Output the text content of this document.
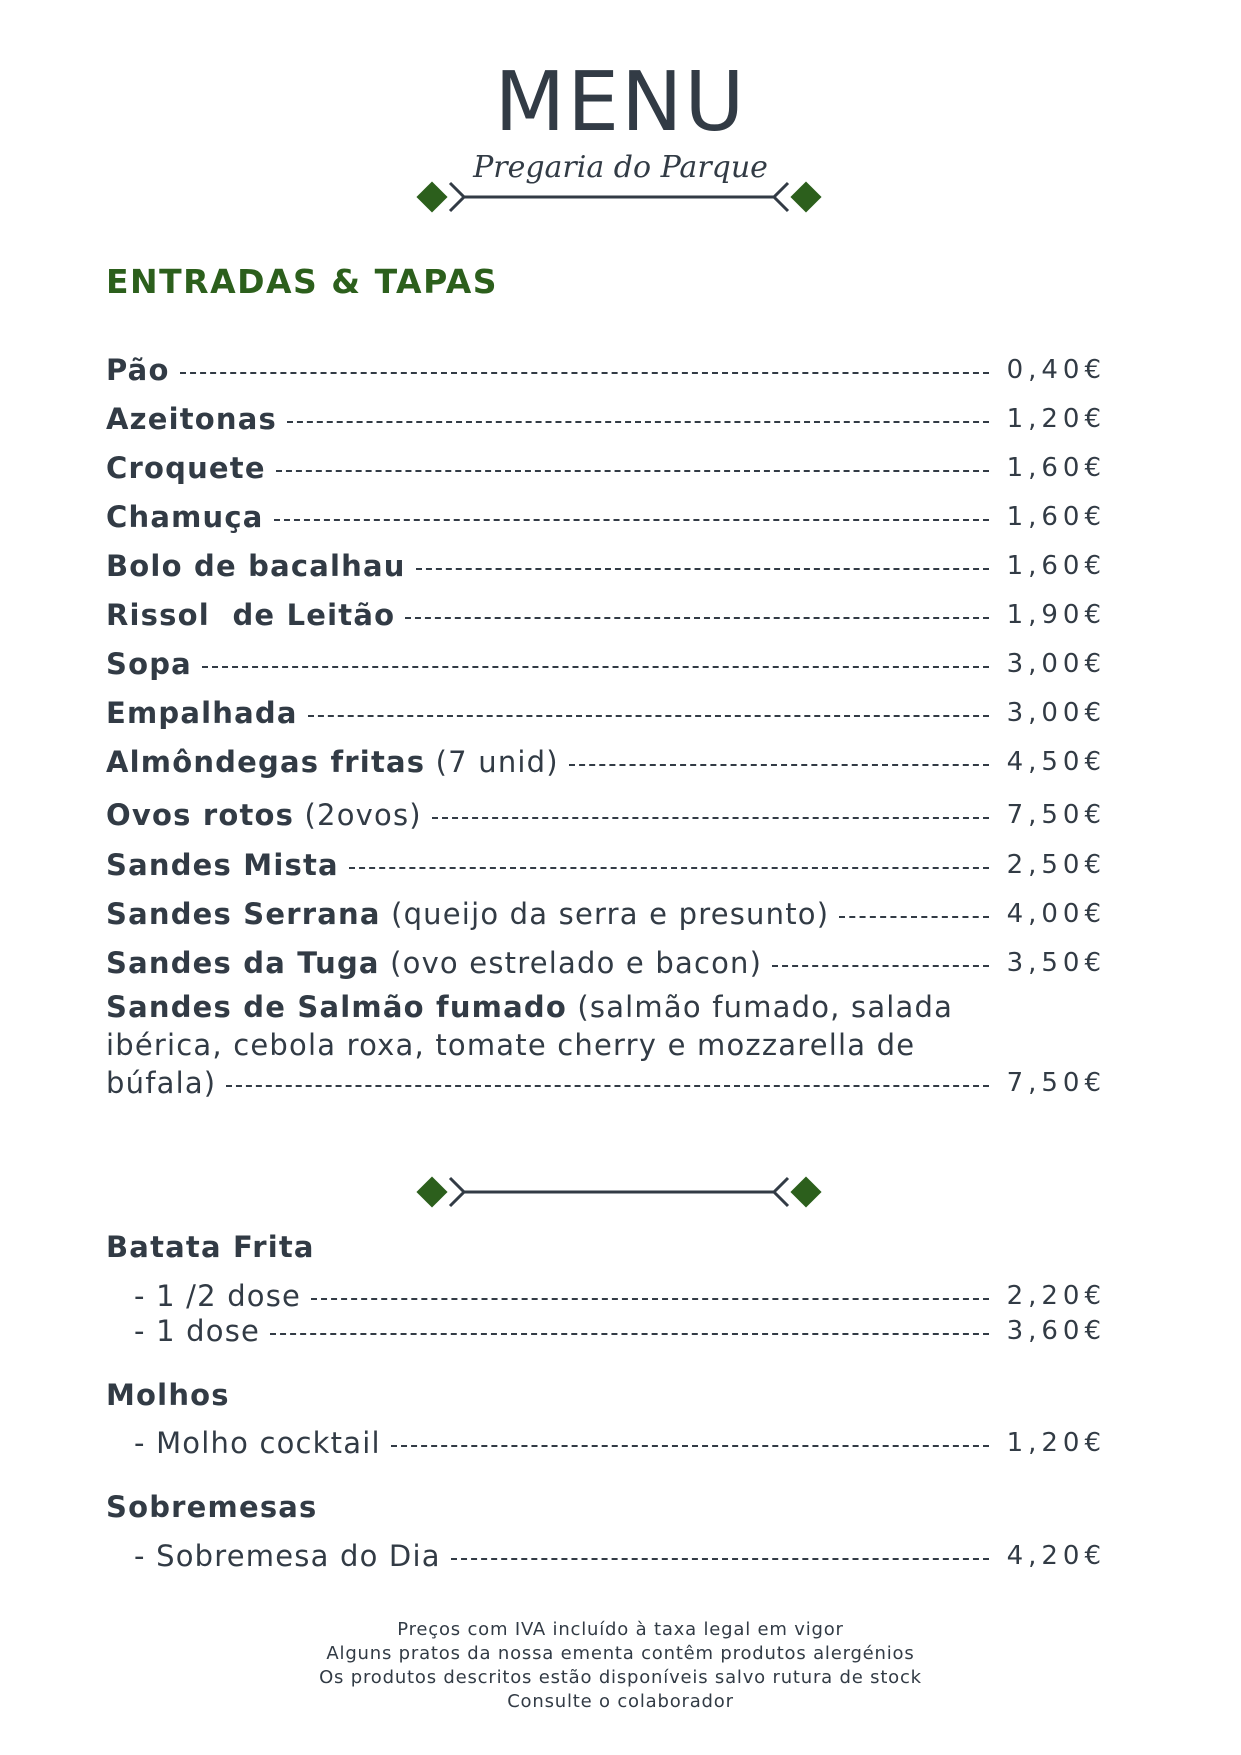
MENU
Pregaria do Parque
ENTRADAS & TAPAS
Pão	0,40€
Azeitonas	1,20€
Croquete	1,60€
Chamuça	1,60€
Bolo de bacalhau	1,60€
Rissol  de Leitão	1,90€
Sopa	3,00€
Empalhada	3,00€
Almôndegas fritas (7 unid)	4,50€
Ovos rotos (2ovos)	7,50€
Sandes Mista	2,50€
Sandes Serrana (queijo da serra e presunto)	4,00€
Sandes da Tuga (ovo estrelado e bacon)	3,50€
Sandes de Salmão fumado (salmão fumado, salada
ibérica, cebola roxa, tomate cherry e mozzarella de
búfala)	7,50€
Batata Frita
- 1 /2 dose	2,20€
- 1 dose	3,60€
Molhos
- Molho cocktail	1,20€
Sobremesas
- Sobremesa do Dia	4,20€
Preços com IVA incluído à taxa legal em vigor
Alguns pratos da nossa ementa contêm produtos alergénios
Os produtos descritos estão disponíveis salvo rutura de stock
Consulte o colaborador
